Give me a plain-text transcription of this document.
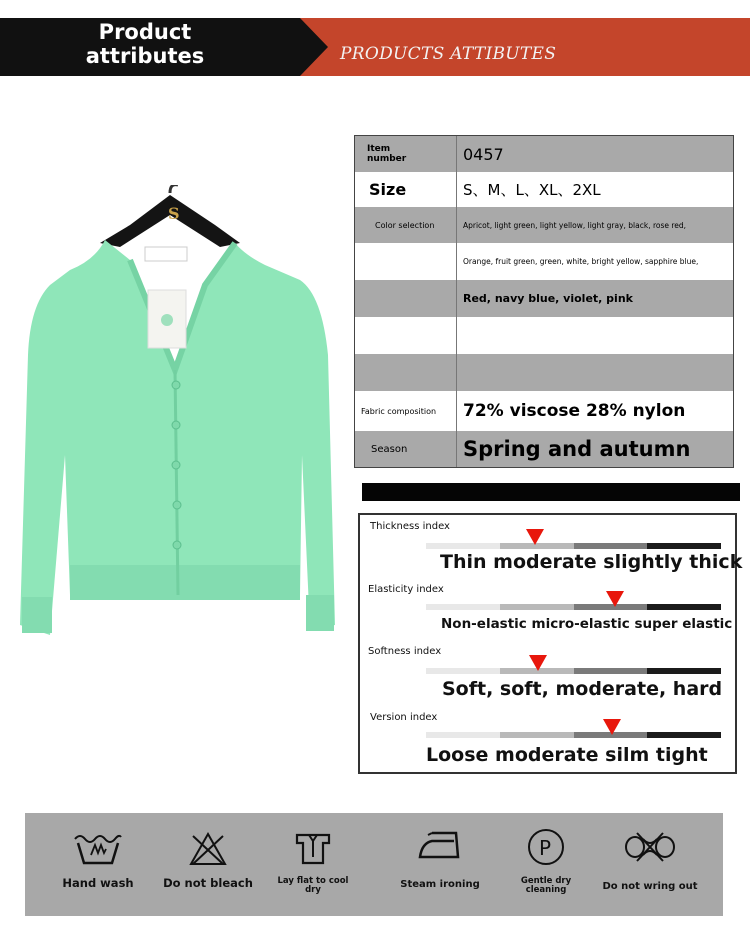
Product
attributes	PRODUCTS ATTIBUTES
S
Item
number	0457
Size	S、M、L、XL、2XL
Color selection	Apricot, light green, light yellow, light gray, black, rose red,
Orange, fruit green, green, white, bright yellow, sapphire blue,
Red, navy blue, violet, pink
Fabric composition	72% viscose 28% nylon
Season	Spring and autumn
Thickness index
Thin moderate slightly thick
Elasticity index
Non-elastic micro-elastic super elastic
Softness index
Soft, soft, moderate, hard
Version index
Loose moderate silm tight
Hand wash	Do not bleach	Lay flat to cool
dry	Steam ironing
P
Gentle dry
cleaning	Do not wring out
